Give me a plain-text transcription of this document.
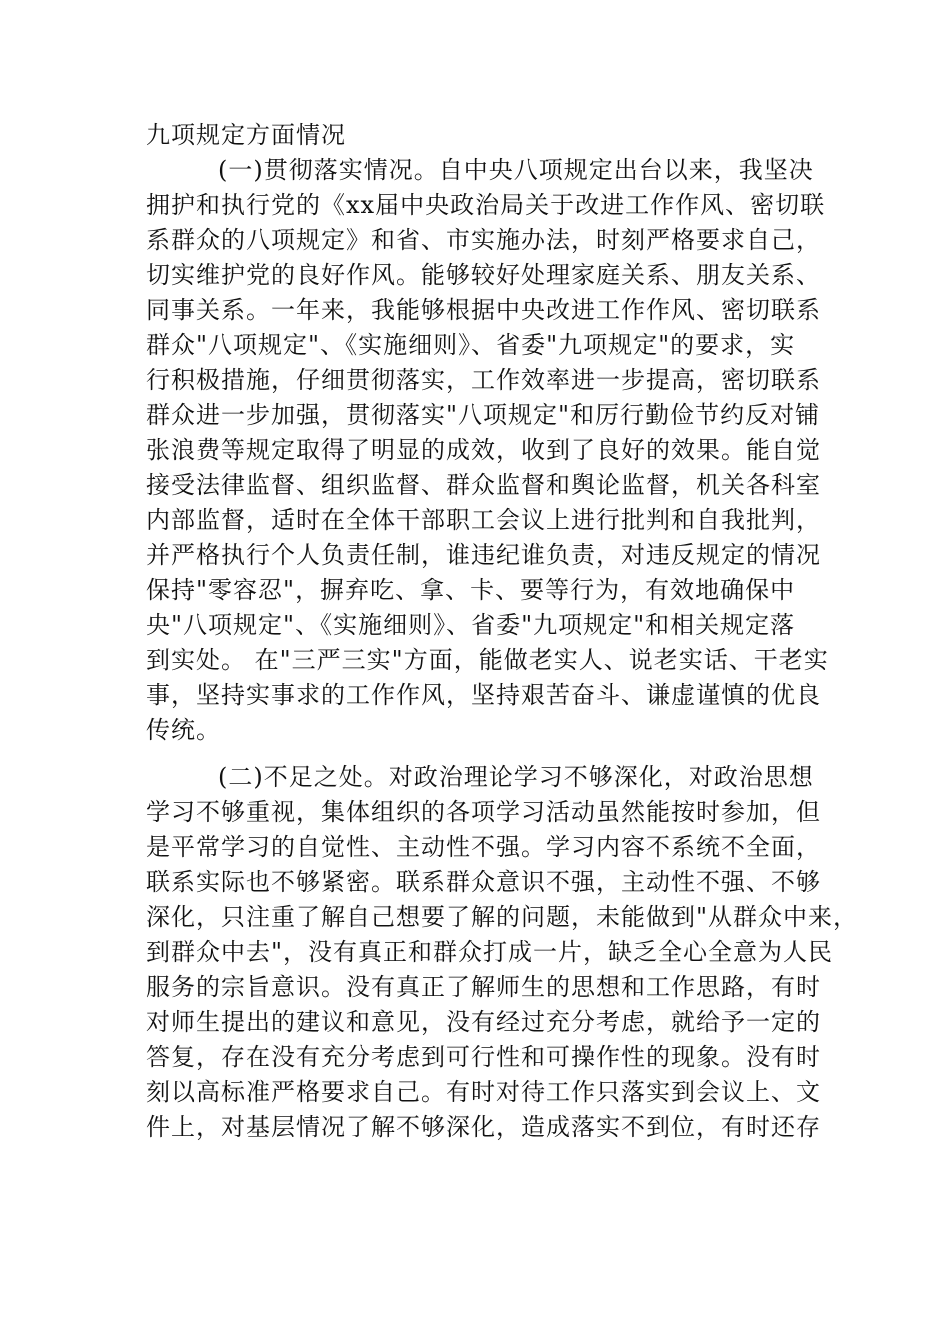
九项规定方面情况
(一)贯彻落实情况。自中央八项规定出台以来，我坚决
拥护和执行党的《xx届中央政治局关于改进工作作风、密切联
系群众的八项规定》和省、市实施办法，时刻严格要求自己，
切实维护党的良好作风。能够较好处理家庭关系、朋友关系、
同事关系。一年来，我能够根据中央改进工作作风、密切联系
群众"八项规定"、《实施细则》、省委"九项规定"的要求，实
行积极措施，仔细贯彻落实，工作效率进一步提高，密切联系
群众进一步加强，贯彻落实"八项规定"和厉行勤俭节约反对铺
张浪费等规定取得了明显的成效，收到了良好的效果。能自觉
接受法律监督、组织监督、群众监督和舆论监督，机关各科室
内部监督，适时在全体干部职工会议上进行批判和自我批判，
并严格执行个人负责任制，谁违纪谁负责，对违反规定的情况
保持"零容忍"，摒弃吃、拿、卡、要等行为，有效地确保中
央"八项规定"、《实施细则》、省委"九项规定"和相关规定落
到实处。 在"三严三实"方面，能做老实人、说老实话、干老实
事，坚持实事求的工作作风，坚持艰苦奋斗、谦虚谨慎的优良
传统。
(二)不足之处。对政治理论学习不够深化，对政治思想
学习不够重视，集体组织的各项学习活动虽然能按时参加，但
是平常学习的自觉性、主动性不强。学习内容不系统不全面，
联系实际也不够紧密。联系群众意识不强，主动性不强、不够
深化，只注重了解自己想要了解的问题，未能做到"从群众中来，
到群众中去"，没有真正和群众打成一片，缺乏全心全意为人民
服务的宗旨意识。没有真正了解师生的思想和工作思路，有时
对师生提出的建议和意见，没有经过充分考虑，就给予一定的
答复，存在没有充分考虑到可行性和可操作性的现象。没有时
刻以高标准严格要求自己。有时对待工作只落实到会议上、文
件上，对基层情况了解不够深化，造成落实不到位，有时还存
